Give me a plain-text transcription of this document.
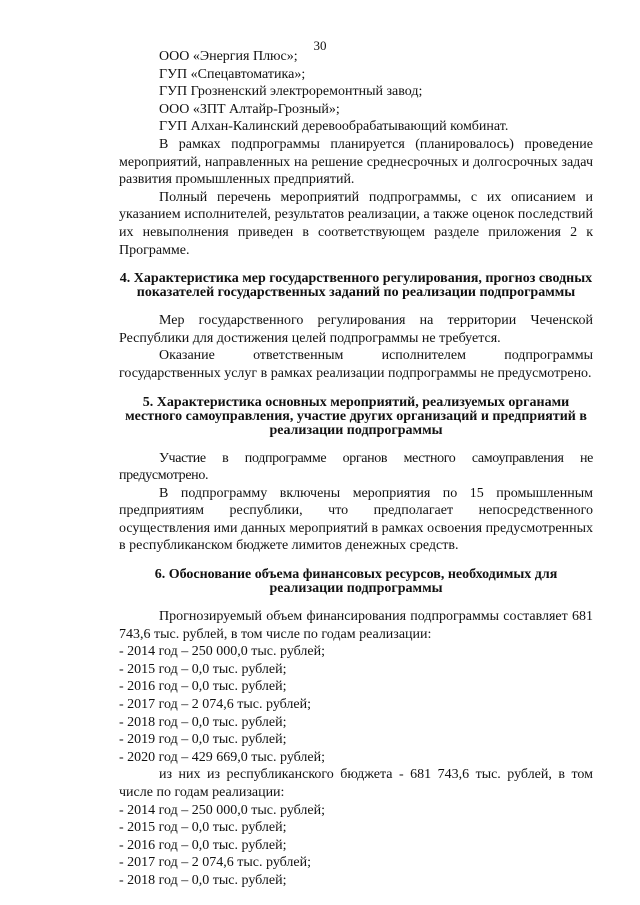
30

ООО «Энергия Плюс»;

ГУП «Спецавтоматика»;

ГУП Грозненский электроремонтный завод;

ООО «ЗПТ Алтайр-Грозный»;

ГУП Алхан-Калинский деревообрабатывающий комбинат.

В рамках подпрограммы планируется (планировалось) проведение мероприятий, направленных на решение среднесрочных и долгосрочных задач развития промышленных предприятий.

Полный перечень мероприятий подпрограммы, с их описанием и указанием исполнителей, результатов реализации, а также оценок последствий их невыполнения приведен в соответствующем разделе приложения 2 к Программе.

4. Характеристика мер государственного регулирования, прогноз сводных показателей государственных заданий по реализации подпрограммы

Мер государственного регулирования на территории Чеченской Республики для достижения целей подпрограммы не требуется.

Оказание ответственным исполнителем подпрограммы государственных услуг в рамках реализации подпрограммы не предусмотрено.

5. Характеристика основных мероприятий, реализуемых органами местного самоуправления, участие других организаций и предприятий в реализации подпрограммы

Участие в подпрограмме органов местного самоуправления не предусмотрено.

В подпрограмму включены мероприятия по 15 промышленным предприятиям республики, что предполагает непосредственного осуществления ими данных мероприятий в рамках освоения предусмотренных в республиканском бюджете лимитов денежных средств.

6. Обоснование объема финансовых ресурсов, необходимых для реализации подпрограммы

Прогнозируемый объем финансирования подпрограммы составляет 681 743,6 тыс. рублей, в том числе по годам реализации:

- 2014 год – 250 000,0 тыс. рублей;

- 2015 год – 0,0 тыс. рублей;

- 2016 год – 0,0 тыс. рублей;

- 2017 год – 2 074,6 тыс. рублей;

- 2018 год – 0,0 тыс. рублей;

- 2019 год – 0,0 тыс. рублей;

- 2020 год – 429 669,0 тыс. рублей;

из них из республиканского бюджета - 681 743,6 тыс. рублей, в том числе по годам реализации:

- 2014 год – 250 000,0 тыс. рублей;

- 2015 год – 0,0 тыс. рублей;

- 2016 год – 0,0 тыс. рублей;

- 2017 год – 2 074,6 тыс. рублей;

- 2018 год – 0,0 тыс. рублей;
